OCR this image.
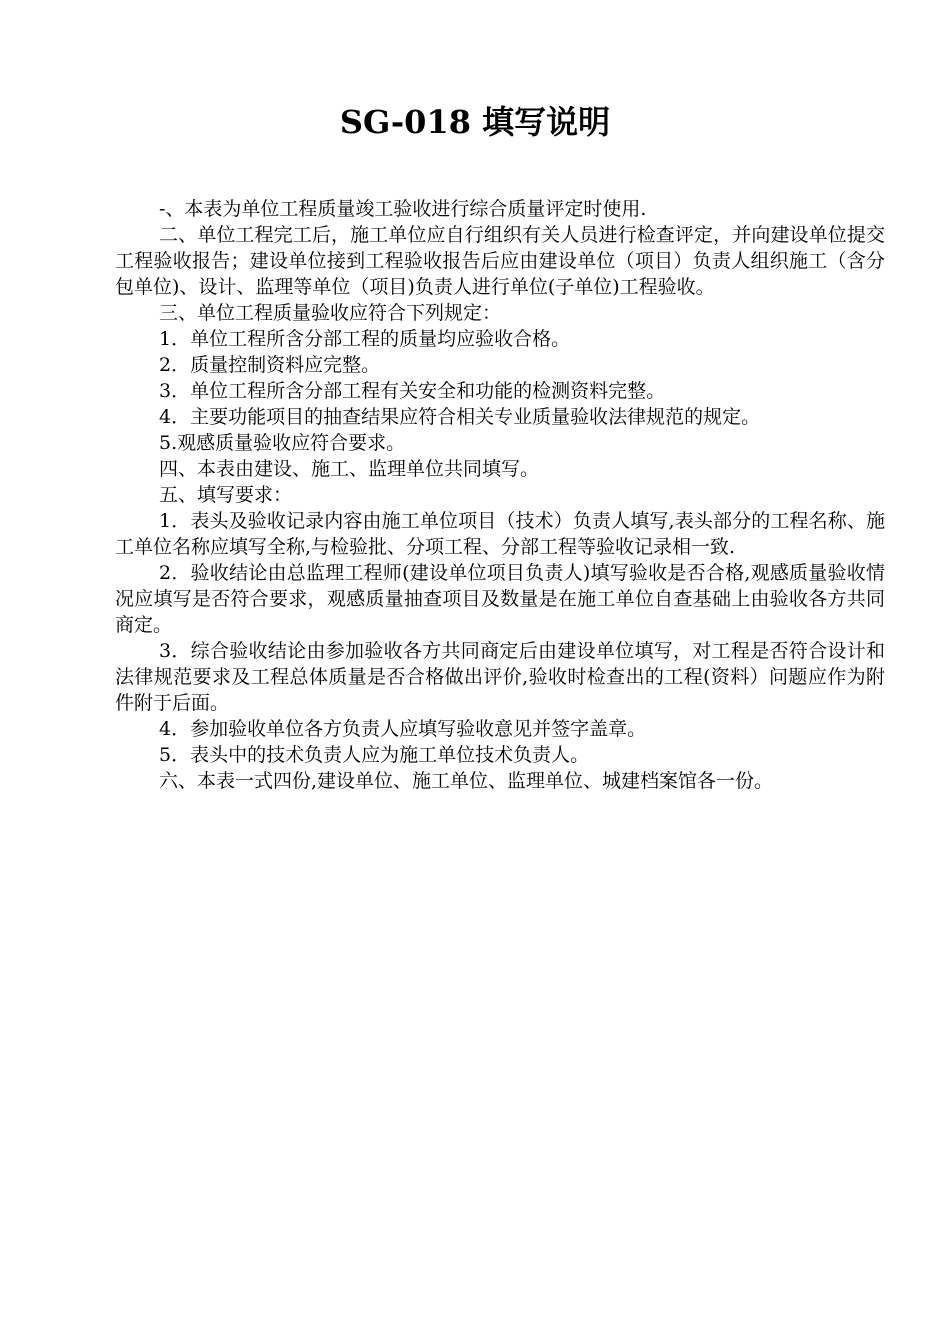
SG-018 填写说明

-、本表为单位工程质量竣工验收进行综合质量评定时使用.

二、单位工程完工后，施工单位应自行组织有关人员进行检查评定，并向建设单位提交工程验收报告；建设单位接到工程验收报告后应由建设单位（项目）负责人组织施工（含分包单位)、设计、监理等单位（项目)负责人进行单位(子单位)工程验收。

三、单位工程质量验收应符合下列规定：

1．单位工程所含分部工程的质量均应验收合格。

2．质量控制资料应完整。

3．单位工程所含分部工程有关安全和功能的检测资料完整。

4．主要功能项目的抽查结果应符合相关专业质量验收法律规范的规定。

5.观感质量验收应符合要求。

四、本表由建设、施工、监理单位共同填写。

五、填写要求：

1．表头及验收记录内容由施工单位项目（技术）负责人填写,表头部分的工程名称、施工单位名称应填写全称,与检验批、分项工程、分部工程等验收记录相一致.

2．验收结论由总监理工程师(建设单位项目负责人)填写验收是否合格,观感质量验收情况应填写是否符合要求，观感质量抽查项目及数量是在施工单位自查基础上由验收各方共同商定。

3．综合验收结论由参加验收各方共同商定后由建设单位填写，对工程是否符合设计和法律规范要求及工程总体质量是否合格做出评价,验收时检查出的工程(资料）问题应作为附件附于后面。

4．参加验收单位各方负责人应填写验收意见并签字盖章。

5．表头中的技术负责人应为施工单位技术负责人。

六、本表一式四份,建设单位、施工单位、监理单位、城建档案馆各一份。
